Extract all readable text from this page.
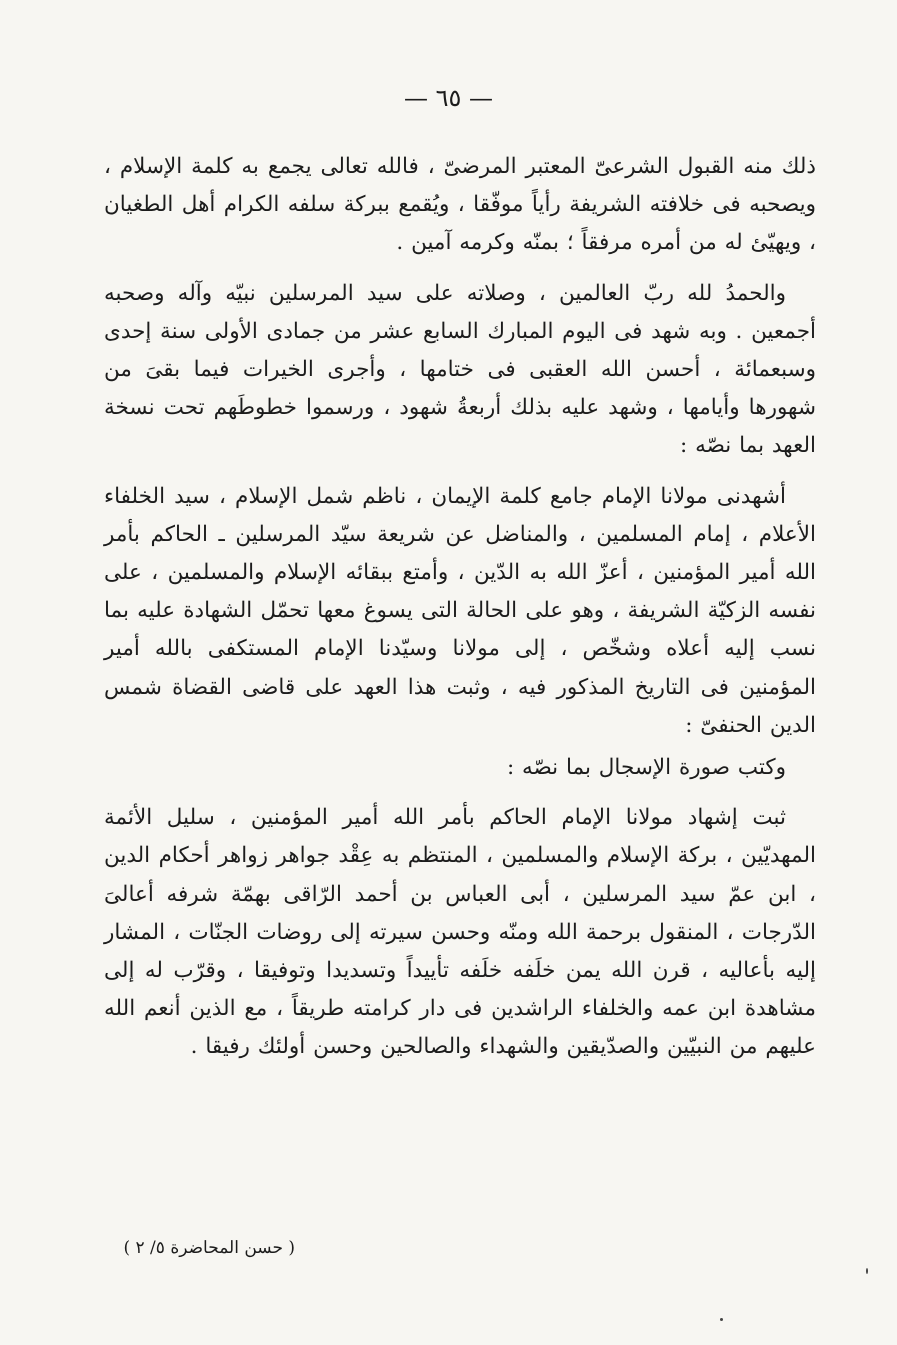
— ٦٥ —

ذلك منه القبول الشرعىّ المعتبر المرضىّ ، فالله تعالى يجمع به كلمة الإسلام ، ويصحبه فى خلافته الشريفة رأياً موفّقا ، ويُقمع ببركة سلفه الكرام أهل الطغيان ، ويهيّئ له من أمره مرفقاً ؛ بمنّه وكرمه آمين .

والحمدُ لله ربّ العالمين ، وصلاته على سيد المرسلين نبيّه وآله وصحبه أجمعين . وبه شهد فى اليوم المبارك السابع عشر من جمادى الأولى سنة إحدى وسبعمائة ، أحسن الله العقبى فى ختامها ، وأجرى الخيرات فيما بقىَ من شهورها وأيامها ، وشهد عليه بذلك أربعةُ شهود ، ورسموا خطوطَهم تحت نسخة العهد بما نصّه :

أشهدنى مولانا الإمام جامع كلمة الإيمان ، ناظم شمل الإسلام ، سيد الخلفاء الأعلام ، إمام المسلمين ، والمناضل عن شريعة سيّد المرسلين ـ الحاكم بأمر الله أمير المؤمنين ، أعزّ الله به الدّين ، وأمتع ببقائه الإسلام والمسلمين ، على نفسه الزكيّة الشريفة ، وهو على الحالة التى يسوغ معها تحمّل الشهادة عليه بما نسب إليه أعلاه وشخّص ، إلى مولانا وسيّدنا الإمام المستكفى بالله أمير المؤمنين فى التاريخ المذكور فيه ، وثبت هذا العهد على قاضى القضاة شمس الدين الحنفىّ :

وكتب صورة الإسجال بما نصّه :

ثبت إشهاد مولانا الإمام الحاكم بأمر الله أمير المؤمنين ، سليل الأئمة المهديّين ، بركة الإسلام والمسلمين ، المنتظم به عِقْد جواهر زواهر أحكام الدين ، ابن عمّ سيد المرسلين ، أبى العباس بن أحمد الرّاقى بهمّة شرفه أعالىَ الدّرجات ، المنقول برحمة الله ومنّه وحسن سيرته إلى روضات الجنّات ، المشار إليه بأعاليه ، قرن الله يمن خلَفه خلَفه تأييداً وتسديدا وتوفيقا ، وقرّب له إلى مشاهدة ابن عمه والخلفاء الراشدين فى دار كرامته طريقاً ، مع الذين أنعم الله عليهم من النبيّين والصدّيقين والشهداء والصالحين وحسن أولئك رفيقا .

( حسن المحاضرة ٥/ ٢ )
